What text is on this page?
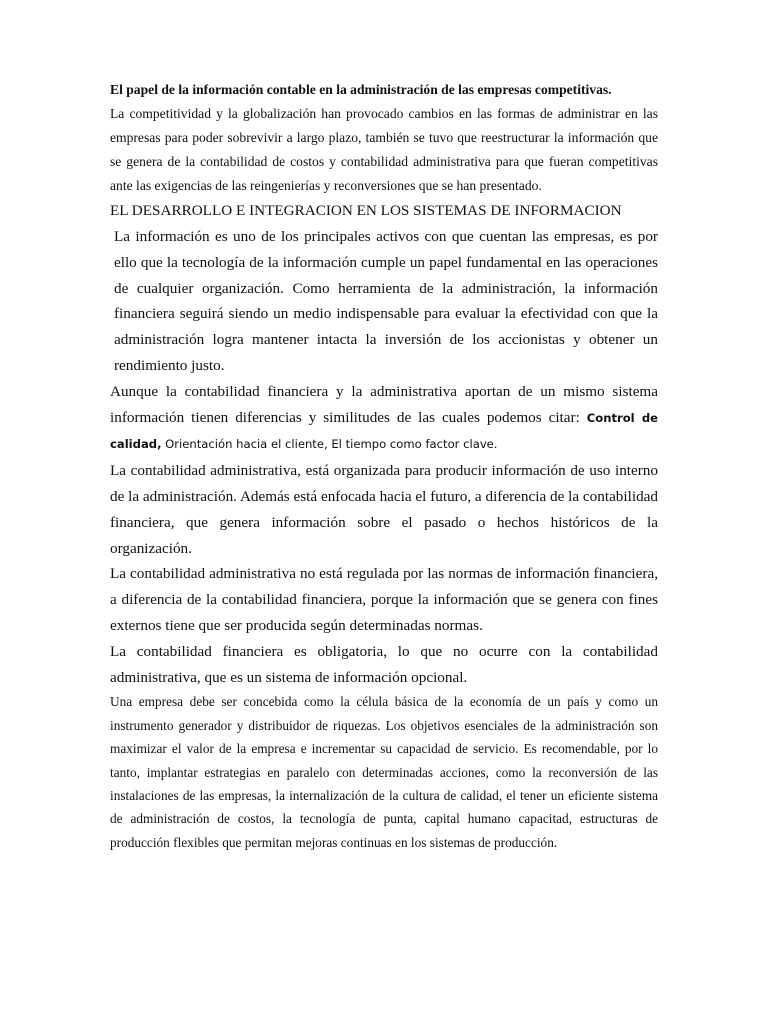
El papel de la información contable en la administración de las empresas competitivas.

La competitividad y la globalización han provocado cambios en las formas de administrar en las empresas para poder sobrevivir a largo plazo, también se tuvo que reestructurar la información que se genera de la contabilidad de costos y contabilidad administrativa para que fueran competitivas ante las exigencias de las reingenierías y reconversiones que se han presentado.

EL DESARROLLO E INTEGRACION EN LOS SISTEMAS DE INFORMACION

La información es uno de los principales activos con que cuentan las empresas, es por ello que la tecnología de la información cumple un papel fundamental en las operaciones de cualquier organización. Como herramienta de la administración, la información financiera seguirá siendo un medio indispensable para evaluar la efectividad con que la administración logra mantener intacta la inversión de los accionistas y obtener un rendimiento justo.

Aunque la contabilidad financiera y la administrativa aportan de un mismo sistema información tienen diferencias y similitudes de las cuales podemos citar: Control de calidad, Orientación hacia el cliente, El tiempo como factor clave.

La contabilidad administrativa, está organizada para producir información de uso interno de la administración. Además está enfocada hacia el futuro, a diferencia de la contabilidad financiera, que genera información sobre el pasado o hechos históricos de la organización.

La contabilidad administrativa no está regulada por las normas de información financiera, a diferencia de la contabilidad financiera, porque la información que se genera con fines externos tiene que ser producida según determinadas normas.

La contabilidad financiera es obligatoria, lo que no ocurre con la contabilidad administrativa, que es un sistema de información opcional.

Una empresa debe ser concebida como la célula básica de la economía de un país y como un instrumento generador y distribuidor de riquezas. Los objetivos esenciales de la administración son maximizar el valor de la empresa e incrementar su capacidad de servicio. Es recomendable, por lo tanto, implantar estrategias en paralelo con determinadas acciones, como la reconversión de las instalaciones de las empresas, la internalización de la cultura de calidad, el tener un eficiente sistema de administración de costos, la tecnología de punta, capital humano capacitad, estructuras de producción flexibles que permitan mejoras continuas en los sistemas de producción.
